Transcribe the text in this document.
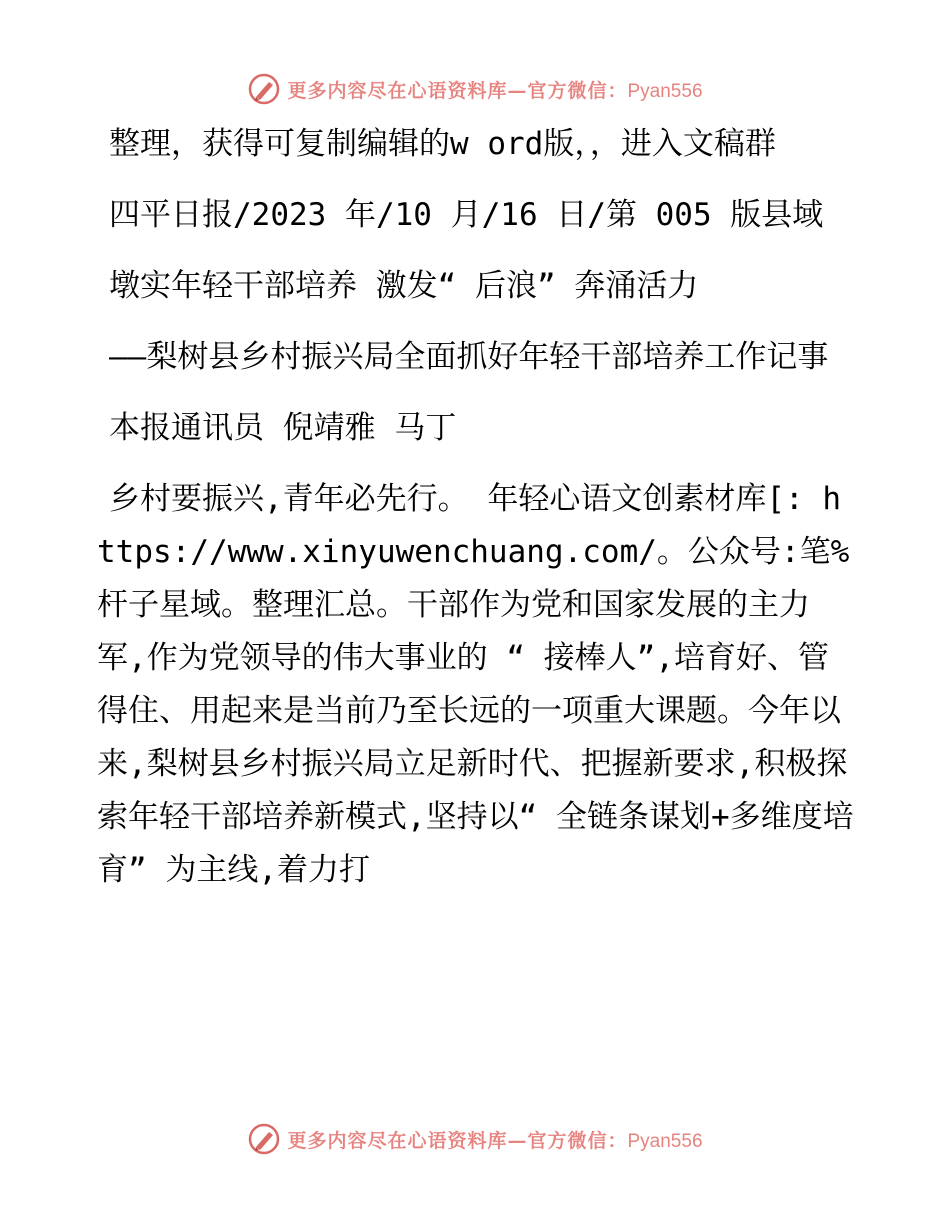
更多内容尽在心语资料库—官方微信：Pyan556

整理，获得可复制编辑的w ord版，，进入文稿群

四平日报/2023 年/10 月/16 日/第 005 版县域

墩实年轻干部培养 激发“ 后浪” 奔涌活力

——梨树县乡村振兴局全面抓好年轻干部培养工作记事

本报通讯员 倪靖雅 马丁

乡村要振兴,青年必先行。 年轻心语文创素材库[: https://www.xinyuwenchuang.com/。公众号:笔%杆子星域。整理汇总。干部作为党和国家发展的主力军,作为党领导的伟大事业的 “ 接棒人”,培育好、管得住、用起来是当前乃至长远的一项重大课题。今年以来,梨树县乡村振兴局立足新时代、把握新要求,积极探索年轻干部培养新模式,坚持以“ 全链条谋划+多维度培育” 为主线,着力打

更多内容尽在心语资料库—官方微信：Pyan556
